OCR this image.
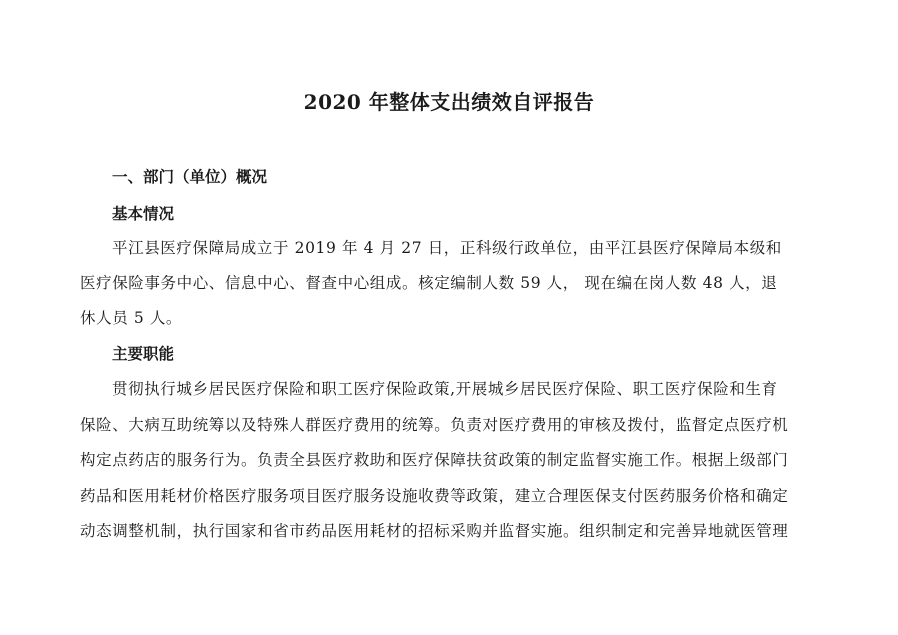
2020 年整体支出绩效自评报告
一、部门（单位）概况
基本情况
平江县医疗保障局成立于 2019 年 4 月 27 日，正科级行政单位，由平江县医疗保障局本级和
医疗保险事务中心、信息中心、督查中心组成。核定编制人数 59 人， 现在编在岗人数 48 人，退
休人员 5 人。
主要职能
贯彻执行城乡居民医疗保险和职工医疗保险政策,开展城乡居民医疗保险、职工医疗保险和生育
保险、大病互助统筹以及特殊人群医疗费用的统筹。负责对医疗费用的审核及拨付，监督定点医疗机
构定点药店的服务行为。负责全县医疗救助和医疗保障扶贫政策的制定监督实施工作。根据上级部门
药品和医用耗材价格医疗服务项目医疗服务设施收费等政策，建立合理医保支付医药服务价格和确定
动态调整机制，执行国家和省市药品医用耗材的招标采购并监督实施。组织制定和完善异地就医管理
